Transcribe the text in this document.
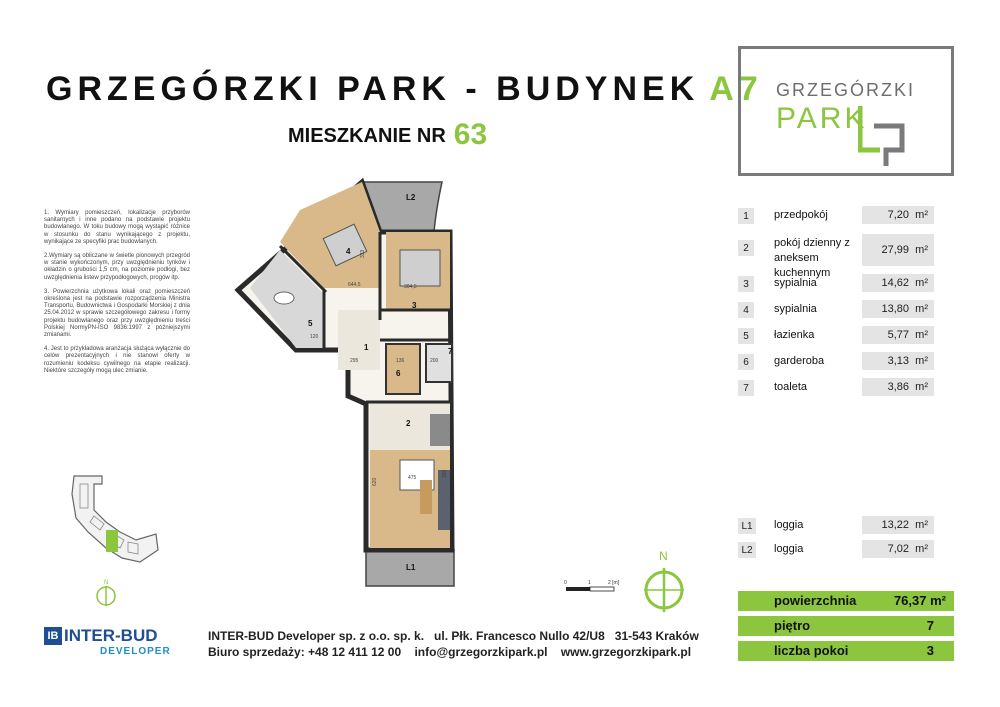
GRZEGÓRZKI PARK - BUDYNEK A7
MIESZKANIE NR 63

1. Wymiary pomieszczeń, lokalizacje przyborów sanitarnych i inne podano na podstawie projektu budowlanego. W toku budowy mogą wystąpić różnice w stosunku do stanu wynikającego z projektu, wynikające ze specyfiki prac budowlanych.

2.Wymiary są obliczane w świetle pionowych przegród w stanie wykończonym, przy uwzględnieniu tynków i okładzin o grubości 1,5 cm, na poziomie podłogi, bez uwzględnienia listew przypodłogowych, progów itp.

3. Powierzchnia użytkowa lokali oraz pomieszczeń określona jest na podstawie rozporządzenia Ministra Transportu, Budownictwa i Gospodarki Morskiej z dnia 25.04.2012 w sprawie szczegółowego zakresu i formy projektu budowlanego oraz przy uwzględnieniu treści Polskiej NormyPN-ISO 9836:1997 z późniejszymi zmianami.

4. Jest to przykładowa aranżacja służąca wyłącznie do celów prezentacyjnych i nie stanowi oferty w rozumieniu kodeksu cywilnego na etapie realizacji. Niektóre szczegóły mogą ulec zmianie.

N
L2
L1
4
3
5
1
6
7
2
620	475	395
304,5
644,5
333
120
200
136
295
0	1	2 [m]
N
GRZEGÓRZKI
PARK
1	przedpokój	7,20
m²
2	pokój dzienny z aneksem kuchennym
27,99
m²
3	sypialnia	14,62
m²
4	sypialnia	13,80
m²
5	łazienka	5,77
m²
6	garderoba	3,13
m²
7	toaleta	3,86
m²
L1	loggia	13,22
m²
L2	loggia	7,02
m²
powierzchnia	76,37 m²
piętro	7
liczba pokoi	3
IB INTER-BUD
DEVELOPER
INTER-BUD Developer sp. z o.o. sp. k.   ul. Płk. Francesco Nullo 42/U8   31-543 Kraków
Biuro sprzedaży: +48 12 411 12 00    info@grzegorzkipark.pl    www.grzegorzkipark.pl
